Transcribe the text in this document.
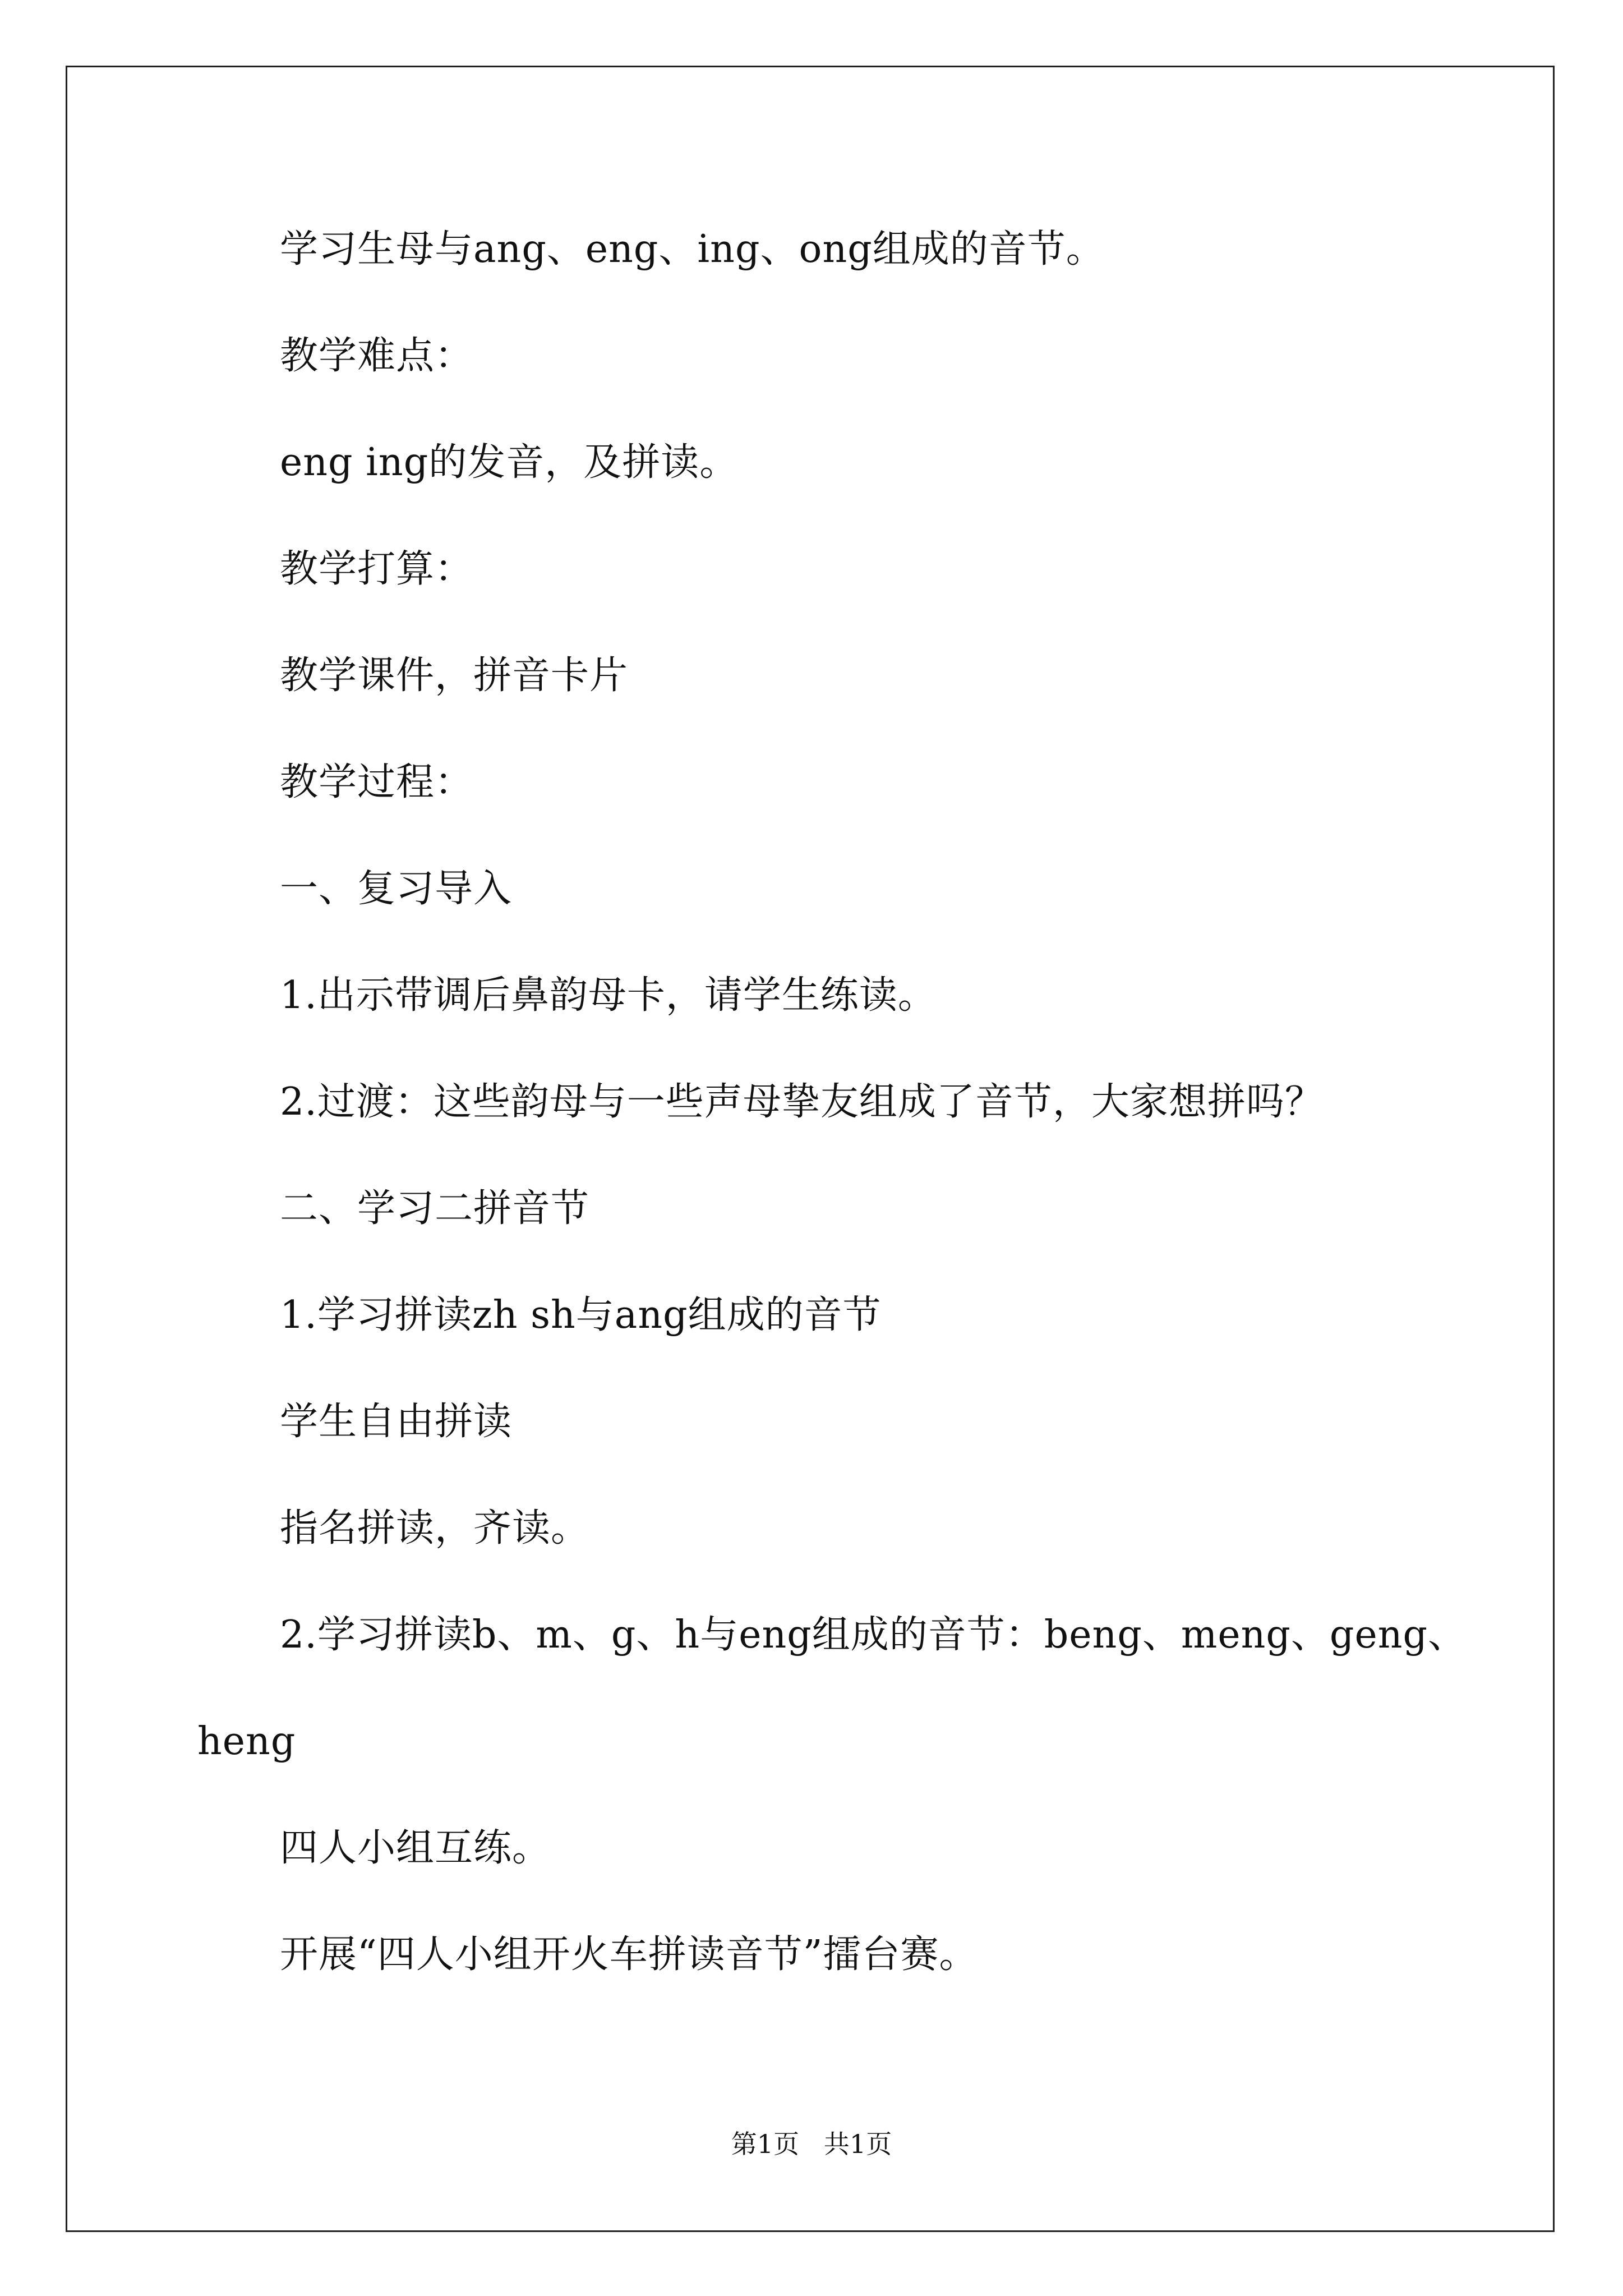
学习生母与ang、eng、ing、ong组成的音节。
教学难点：
eng ing的发音，及拼读。
教学打算：
教学课件，拼音卡片
教学过程：
一、复习导入
1.出示带调后鼻韵母卡，请学生练读。
2.过渡：这些韵母与一些声母挚友组成了音节，大家想拼吗？
二、学习二拼音节
1.学习拼读zh sh与ang组成的音节
学生自由拼读
指名拼读，齐读。
2.学习拼读b、m、g、h与eng组成的音节：beng、meng、geng、
heng
四人小组互练。
开展“四人小组开火车拼读音节”擂台赛。
第1页   共1页
